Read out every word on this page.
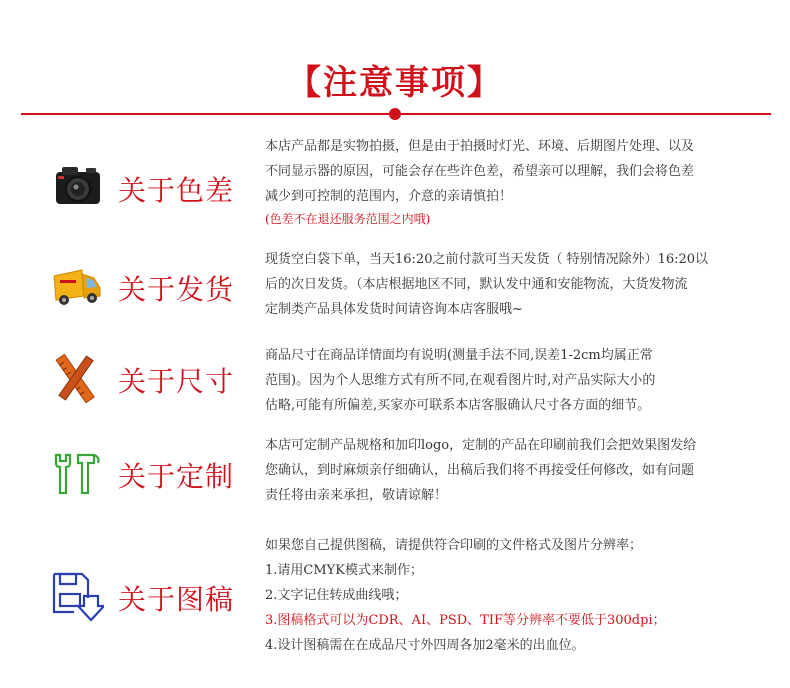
【注意事项】
关于色差

本店产品都是实物拍摄，但是由于拍摄时灯光、环境、后期图片处理、以及

不同显示器的原因，可能会存在些许色差，希望亲可以理解，我们会将色差

减少到可控制的范围内，介意的亲请慎拍！

(色差不在退还服务范围之内哦)

关于发货

现货空白袋下单，当天16:20之前付款可当天发货（ 特别情况除外）16:20以

后的次日发货。（本店根据地区不同，默认发中通和安能物流，大货发物流

定制类产品具体发货时间请咨询本店客服哦~

关于尺寸

商品尺寸在商品详情面均有说明(测量手法不同,误差1-2cm均属正常

范围)。因为个人思维方式有所不同,在观看图片时,对产品实际大小的

估略,可能有所偏差,买家亦可联系本店客服确认尺寸各方面的细节。

关于定制

本店可定制产品规格和加印logo，定制的产品在印刷前我们会把效果图发给

您确认，到时麻烦亲仔细确认，出稿后我们将不再接受任何修改，如有问题

责任将由亲来承担，敬请谅解！

关于图稿

如果您自己提供图稿，请提供符合印刷的文件格式及图片分辨率；

1.请用CMYK模式来制作；

2.文字记住转成曲线哦；

3.图稿格式可以为CDR、AI、PSD、TIF等分辨率不要低于300dpi；

4.设计图稿需在在成品尺寸外四周各加2毫米的出血位。
